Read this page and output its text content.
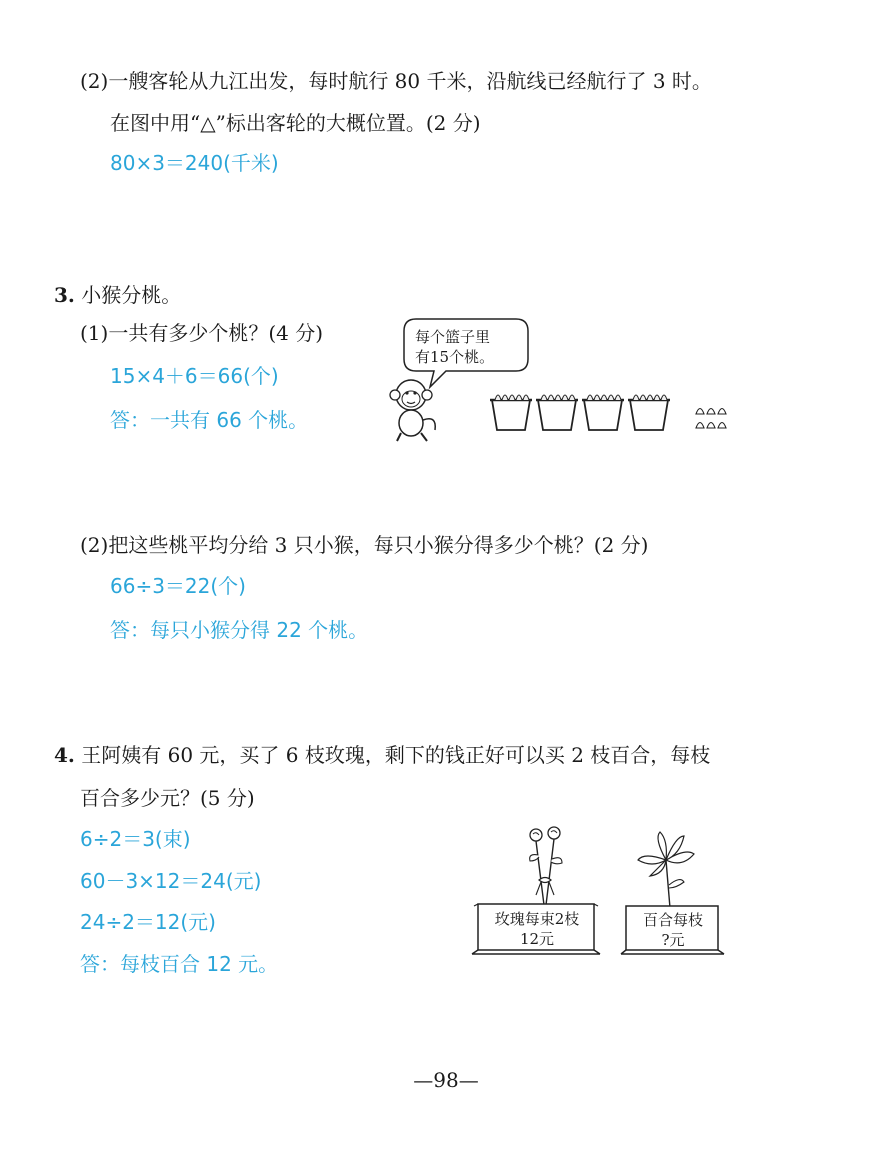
(2)一艘客轮从九江出发，每时航行 80 千米，沿航线已经航行了 3 时。
在图中用“△”标出客轮的大概位置。(2 分)
80×3＝240(千米)
3. 小猴分桃。
(1)一共有多少个桃？(4 分)
15×4＋6＝66(个)
答：一共有 66 个桃。
每个篮子里
有15个桃。
(2)把这些桃平均分给 3 只小猴，每只小猴分得多少个桃？(2 分)
66÷3＝22(个)
答：每只小猴分得 22 个桃。
4. 王阿姨有 60 元，买了 6 枝玫瑰，剩下的钱正好可以买 2 枝百合，每枝
百合多少元？(5 分)
6÷2＝3(束)
60－3×12＝24(元)
24÷2＝12(元)
答：每枝百合 12 元。
玫瑰每束2枝
12元
百合每枝
?元
—98—
